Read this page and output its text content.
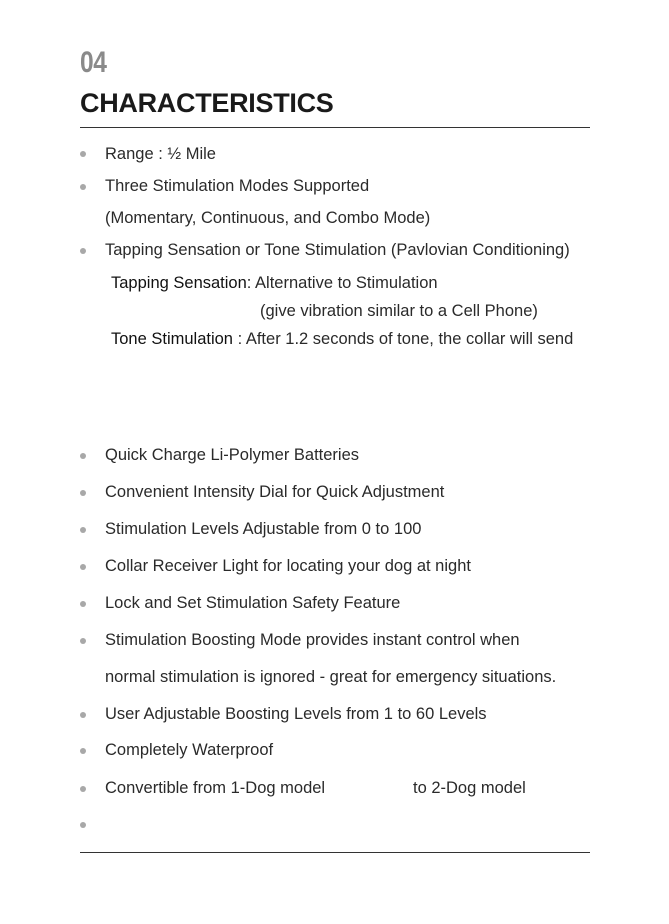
04
CHARACTERISTICS
Range : ½ Mile
Three Stimulation Modes Supported
(Momentary, Continuous, and Combo Mode)
Tapping Sensation or Tone Stimulation (Pavlovian Conditioning)
Tapping Sensation: Alternative to Stimulation
(give vibration similar to a Cell Phone)
Tone Stimulation : After 1.2 seconds of tone, the collar will send
Quick Charge Li-Polymer Batteries
Convenient Intensity Dial for Quick Adjustment
Stimulation Levels Adjustable from 0 to 100
Collar Receiver Light for locating your dog at night
Lock and Set Stimulation Safety Feature
Stimulation Boosting Mode provides instant control when
normal stimulation is ignored - great for emergency situations.
User Adjustable Boosting Levels from 1 to 60 Levels
Completely Waterproof
Convertible from 1-Dog model	to 2-Dog model
